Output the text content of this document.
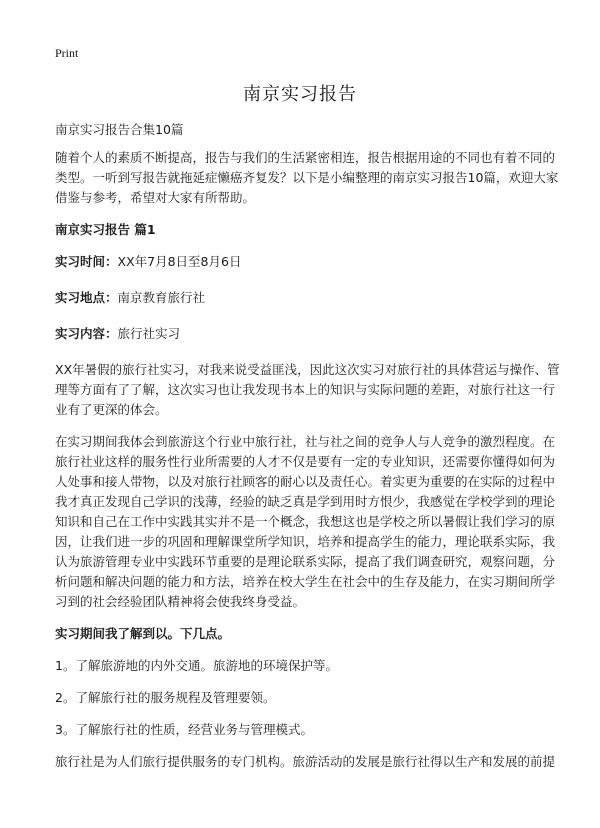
Print
南京实习报告

南京实习报告合集10篇

随着个人的素质不断提高，报告与我们的生活紧密相连，报告根据用途的不同也有着不同的类型。一听到写报告就拖延症懒癌齐复发？以下是小编整理的南京实习报告10篇，欢迎大家借鉴与参考，希望对大家有所帮助。

南京实习报告 篇1

实习时间：XX年7月8日至8月6日

实习地点：南京教育旅行社

实习内容：旅行社实习

XX年暑假的旅行社实习，对我来说受益匪浅，因此这次实习对旅行社的具体营运与操作、管理等方面有了了解，这次实习也让我发现书本上的知识与实际问题的差距，对旅行社这一行业有了更深的体会。

在实习期间我体会到旅游这个行业中旅行社，社与社之间的竞争人与人竞争的激烈程度。在旅行社业这样的服务性行业所需要的人才不仅是要有一定的专业知识，还需要你懂得如何为人处事和接人带物，以及对旅行社顾客的耐心以及责任心。着实更为重要的在实际的过程中我才真正发现自己学识的浅薄，经验的缺乏真是学到用时方恨少，我感觉在学校学到的理论知识和自己在工作中实践其实并不是一个概念，我想这也是学校之所以暑假让我们学习的原因，让我们进一步的巩固和理解课堂所学知识，培养和提高学生的能力，理论联系实际，我认为旅游管理专业中实践环节重要的是理论联系实际，提高了我们调查研究，观察问题，分析问题和解决问题的能力和方法，培养在校大学生在社会中的生存及能力，在实习期间所学习到的社会经验团队精神将会使我终身受益。

实习期间我了解到以。下几点。

1。了解旅游地的内外交通。旅游地的环境保护等。

2。了解旅行社的服务规程及管理要领。

3。了解旅行社的性质，经营业务与管理模式。

旅行社是为人们旅行提供服务的专门机构。旅游活动的发展是旅行社得以生产和发展的前提
